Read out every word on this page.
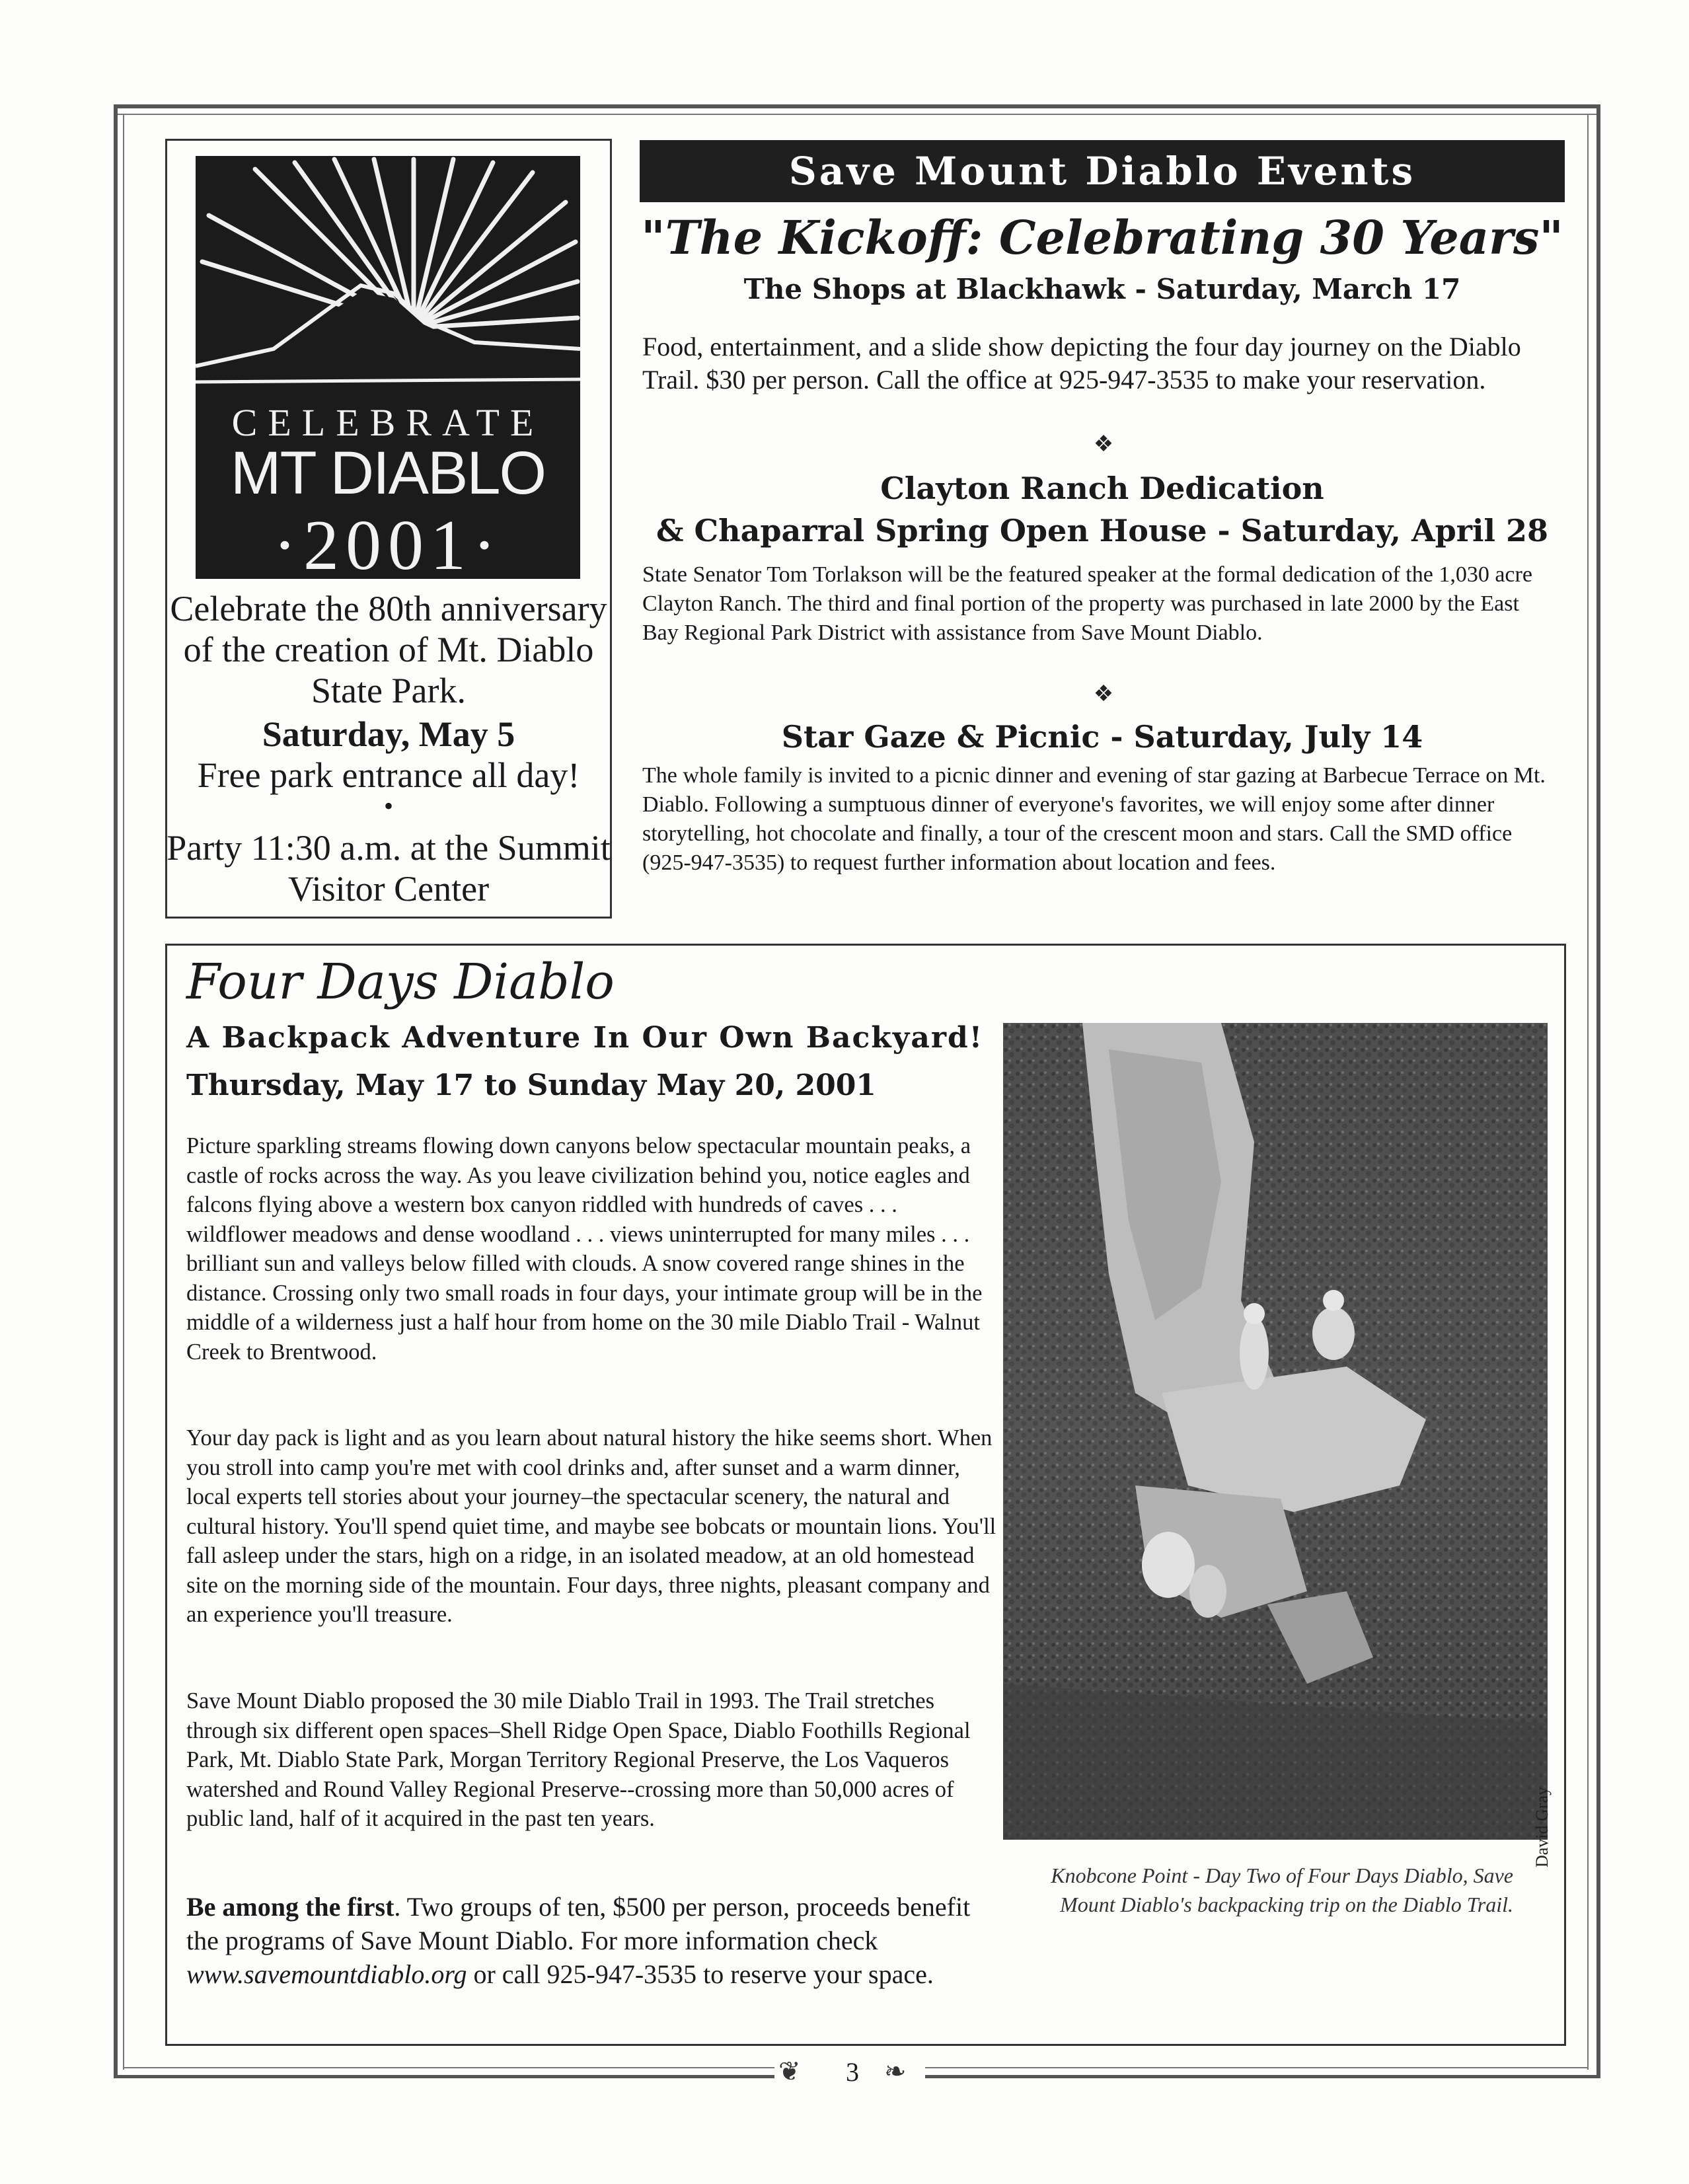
CELEBRATE
MT DIABLO
·2001·
Celebrate the 80th anniversary of the creation of Mt. Diablo State Park.
Saturday, May 5
Free park entrance all day!
•
Party 11:30 a.m. at the Summit Visitor Center
Save Mount Diablo Events
"The Kickoff: Celebrating 30 Years"
The Shops at Blackhawk - Saturday, March 17
Food, entertainment, and a slide show depicting the four day journey on the Diablo Trail. $30 per person. Call the office at 925-947-3535 to make your reservation.
❖
Clayton Ranch Dedication
& Chaparral Spring Open House - Saturday, April 28
State Senator Tom Torlakson will be the featured speaker at the formal dedication of the 1,030 acre Clayton Ranch. The third and final portion of the property was purchased in late 2000 by the East Bay Regional Park District with assistance from Save Mount Diablo.
❖
Star Gaze & Picnic - Saturday, July 14
The whole family is invited to a picnic dinner and evening of star gazing at Barbecue Terrace on Mt. Diablo. Following a sumptuous dinner of everyone's favorites, we will enjoy some after dinner storytelling, hot chocolate and finally, a tour of the crescent moon and stars. Call the SMD office (925-947-3535) to request further information about location and fees.
Four Days Diablo
A Backpack Adventure In Our Own Backyard!
Thursday, May 17 to Sunday May 20, 2001
Picture sparkling streams flowing down canyons below spectacular mountain peaks, a castle of rocks across the way. As you leave civilization behind you, notice eagles and falcons flying above a western box canyon riddled with hundreds of caves . . . wildflower meadows and dense woodland . . . views uninterrupted for many miles . . . brilliant sun and valleys below filled with clouds. A snow covered range shines in the distance. Crossing only two small roads in four days, your intimate group will be in the middle of a wilderness just a half hour from home on the 30 mile Diablo Trail - Walnut Creek to Brentwood.
Your day pack is light and as you learn about natural history the hike seems short. When you stroll into camp you're met with cool drinks and, after sunset and a warm dinner, local experts tell stories about your journey–the spectacular scenery, the natural and cultural history. You'll spend quiet time, and maybe see bobcats or mountain lions. You'll fall asleep under the stars, high on a ridge, in an isolated meadow, at an old homestead site on the morning side of the mountain. Four days, three nights, pleasant company and an experience you'll treasure.
Save Mount Diablo proposed the 30 mile Diablo Trail in 1993. The Trail stretches through six different open spaces–Shell Ridge Open Space, Diablo Foothills Regional Park, Mt. Diablo State Park, Morgan Territory Regional Preserve, the Los Vaqueros watershed and Round Valley Regional Preserve--crossing more than 50,000 acres of public land, half of it acquired in the past ten years.
Be among the first. Two groups of ten, $500 per person, proceeds benefit the programs of Save Mount Diablo. For more information check www.savemountdiablo.org or call 925-947-3535 to reserve your space.
David Gray
Knobcone Point - Day Two of Four Days Diablo, Save Mount Diablo's backpacking trip on the Diablo Trail.
❦	3 ❧
